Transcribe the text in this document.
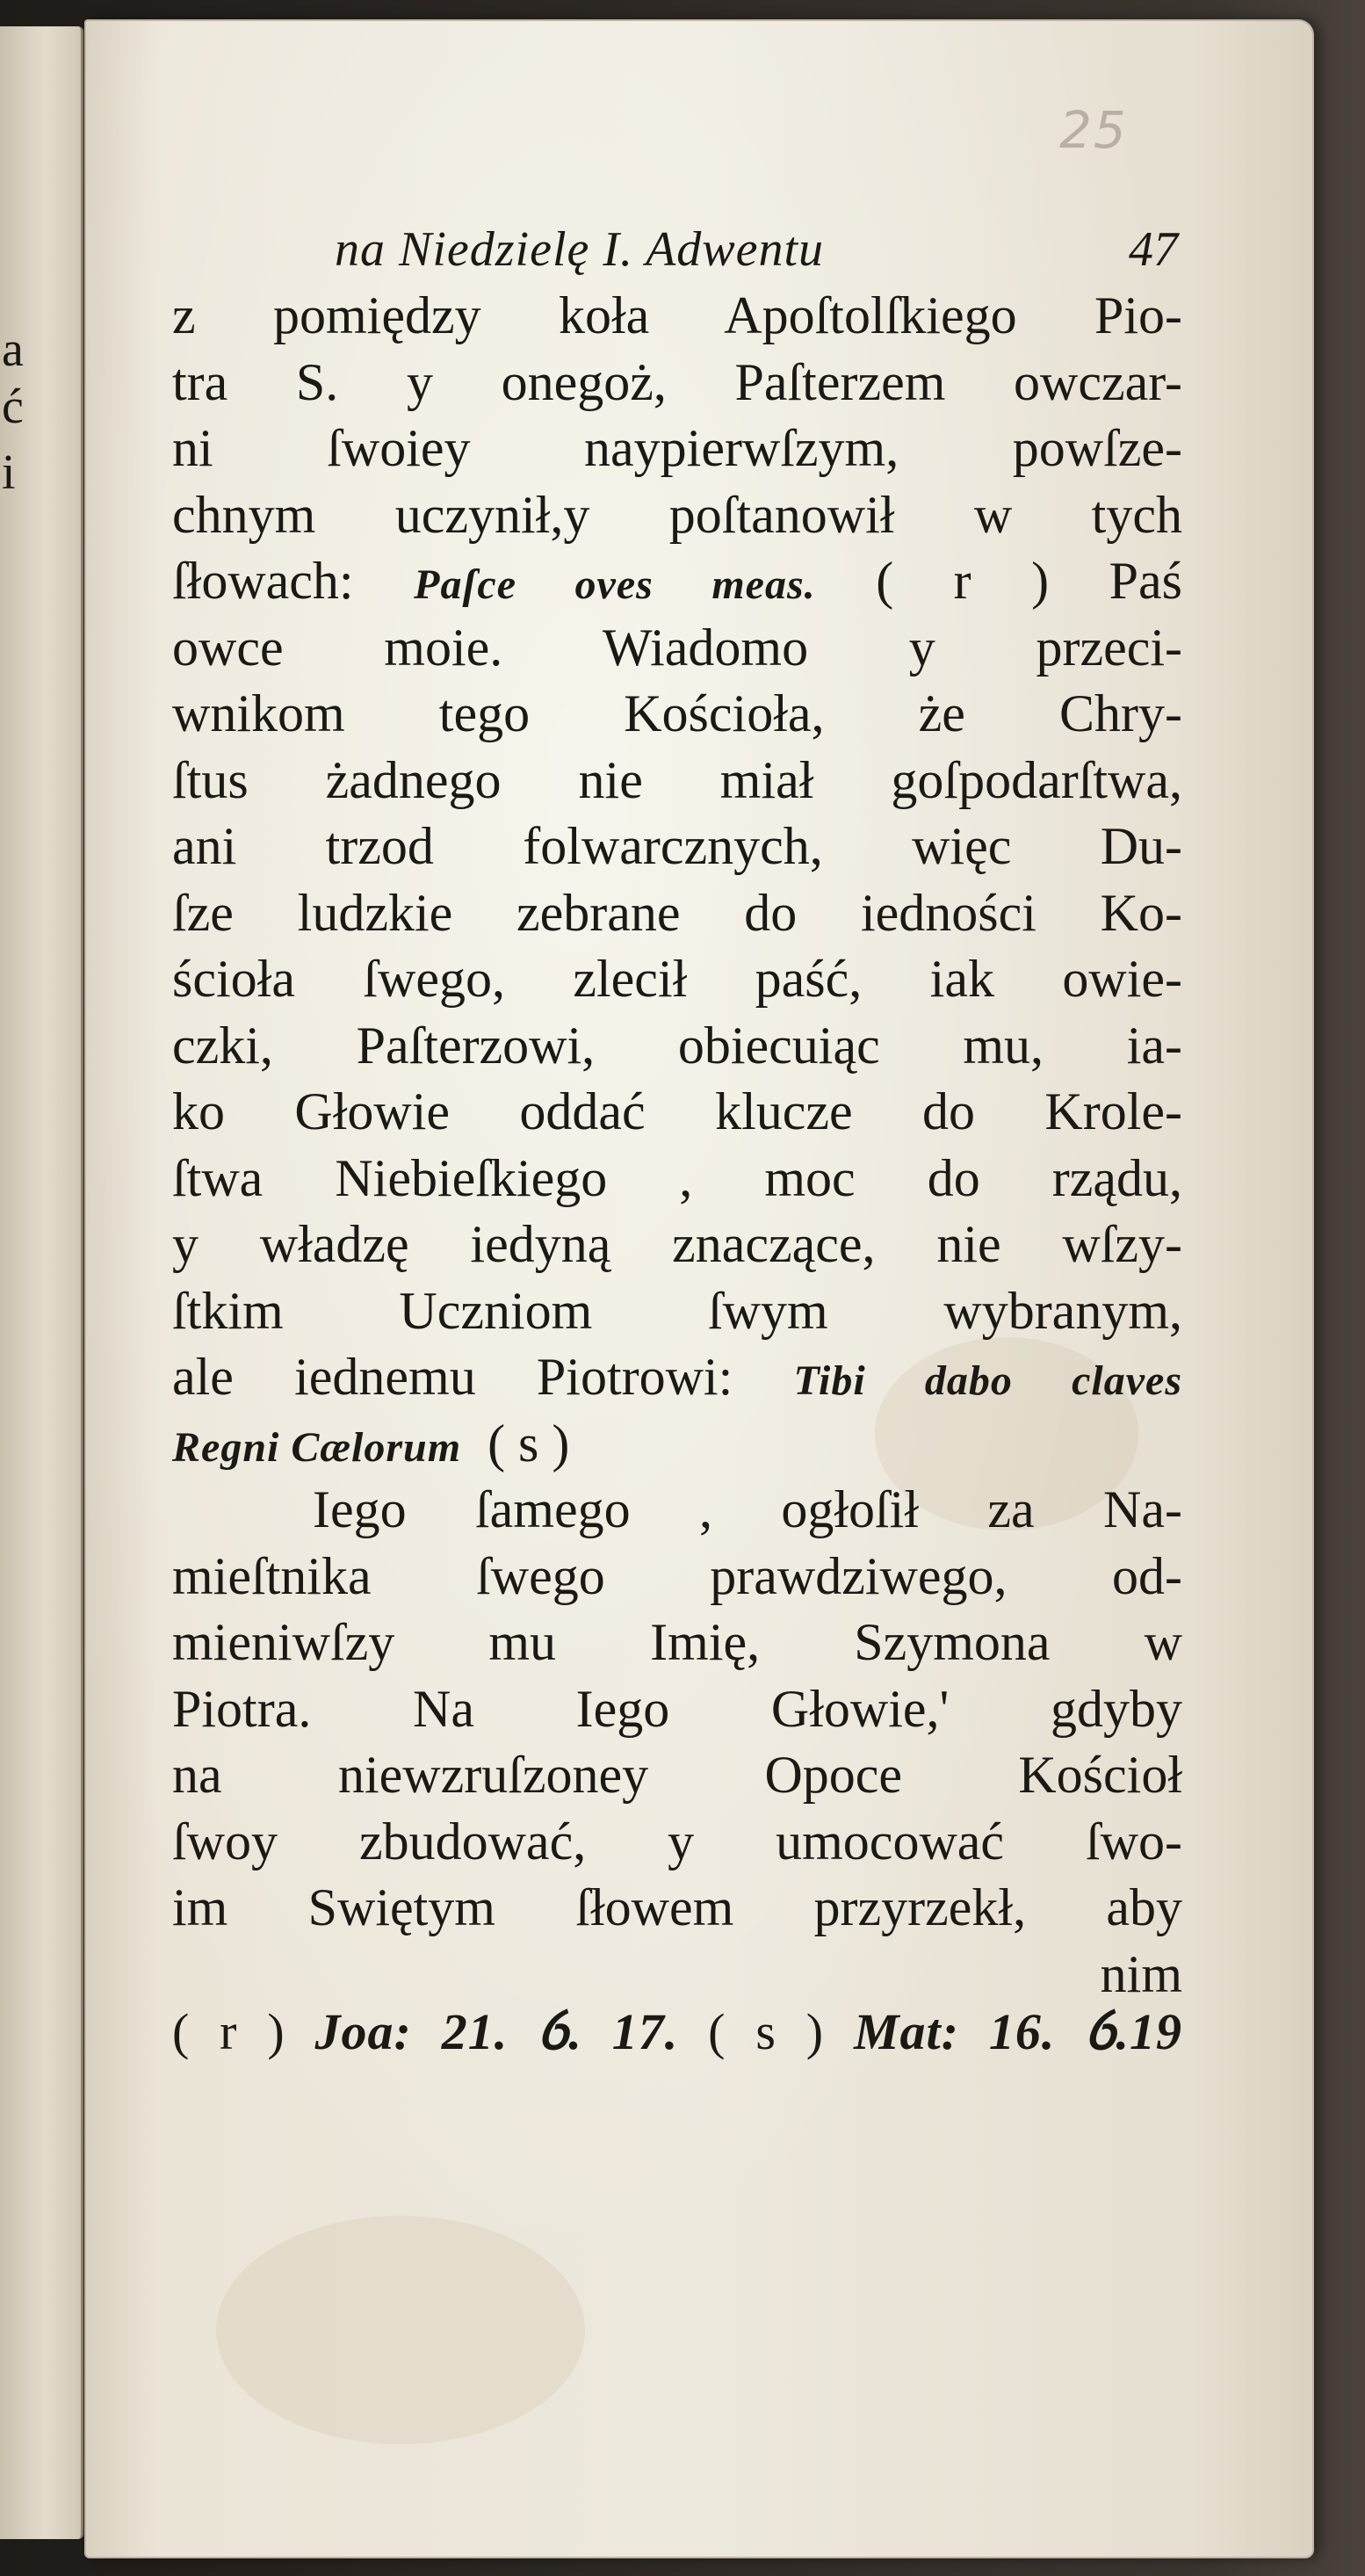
a
ć
i
25
na Niedzielę I. Adwentu	47
z pomiędzy koła Apoſtolſkiego Pio-
tra S. y onegoż, Paſterzem owczar-
ni ſwoiey naypierwſzym, powſze-
chnym uczynił,y poſtanowił w tych
ſłowach: Paſce oves meas. ( r ) Paś
owce moie. Wiadomo y przeci-
wnikom tego Kościoła, że Chry-
ſtus żadnego nie miał goſpodarſtwa,
ani trzod folwarcznych, więc Du-
ſze ludzkie zebrane do iedności Ko-
ścioła ſwego, zlecił paść, iak owie-
czki, Paſterzowi, obiecuiąc mu, ia-
ko Głowie oddać klucze do Krole-
ſtwa Niebieſkiego , moc do rządu,
y władzę iedyną znaczące, nie wſzy-
ſtkim Uczniom ſwym wybranym,
ale iednemu Piotrowi: Tibi dabo claves
Regni Cælorum ( s )
Iego ſamego , ogłoſił za Na-
mieſtnika ſwego prawdziwego, od-
mieniwſzy mu Imię, Szymona w
Piotra. Na Iego Głowie,' gdyby
na niewzruſzoney Opoce Kościoł
ſwoy zbudować, y umocować ſwo-
im Swiętym ſłowem przyrzekł, aby
nim
( r ) Joa: 21. ỽ. 17. ( s ) Mat: 16. ỽ.19
